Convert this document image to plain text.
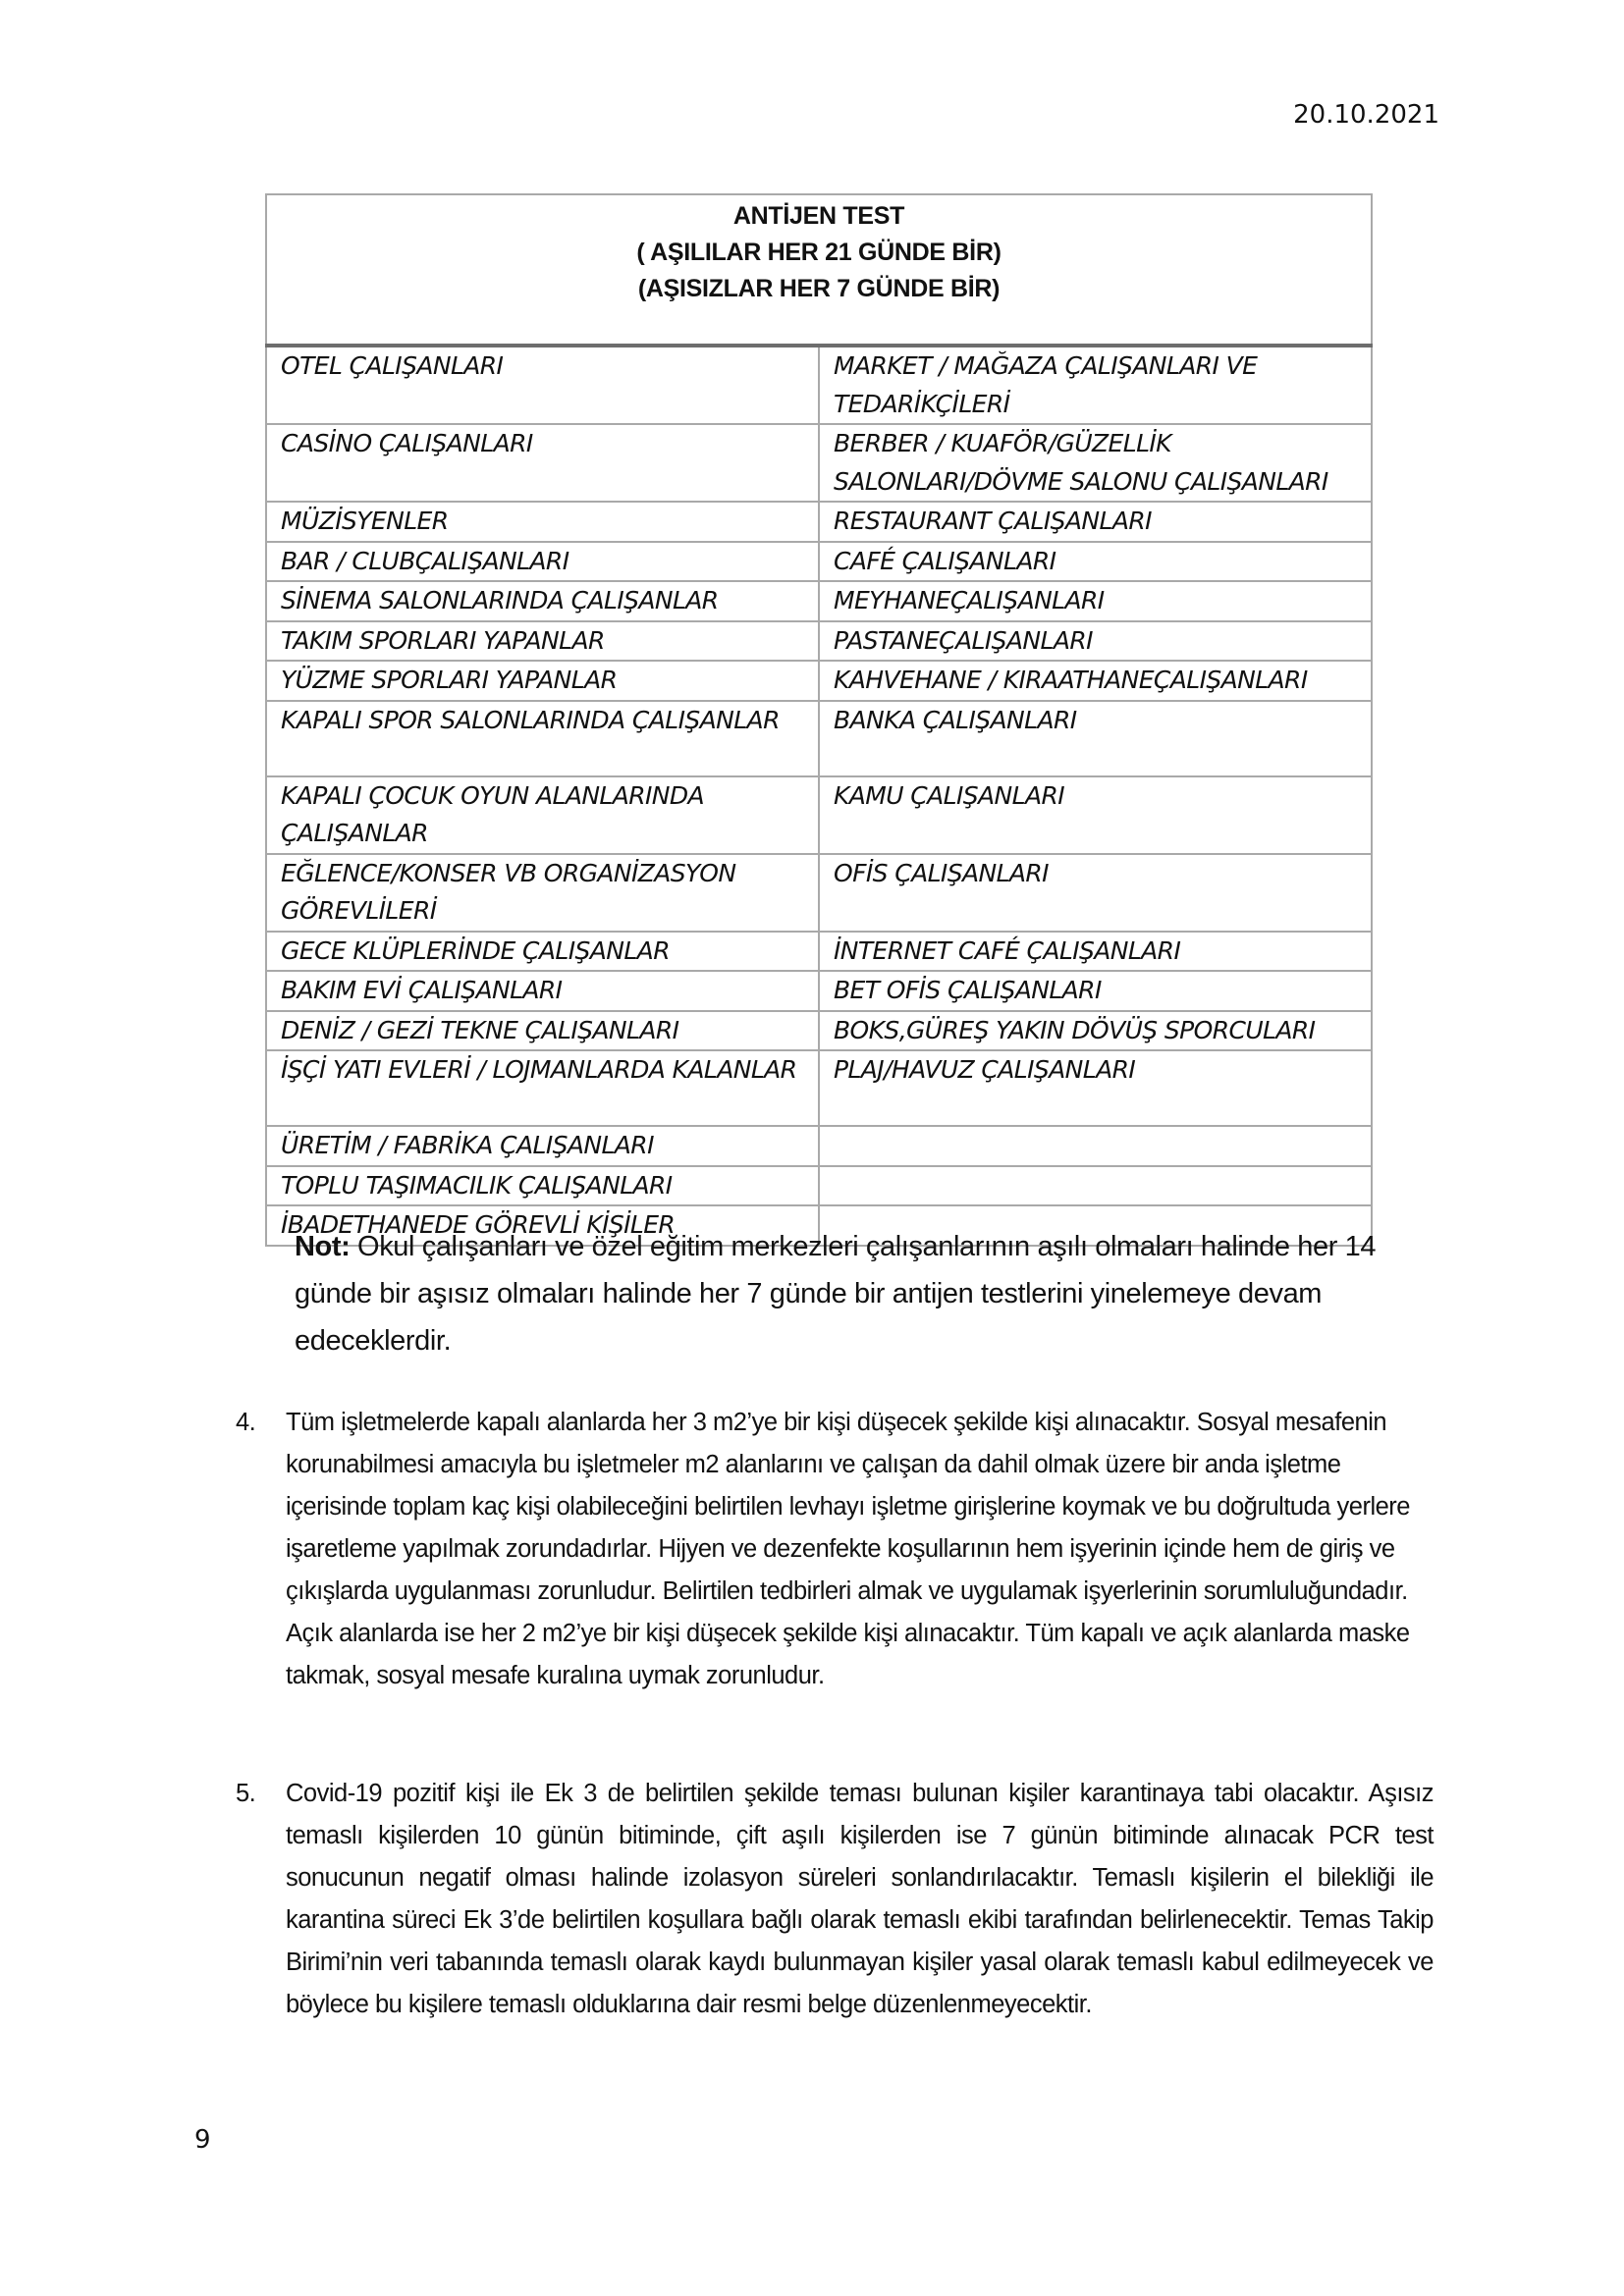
20.10.2021
ANTİJEN TEST
( AŞILILAR HER 21 GÜNDE BİR)
(AŞISIZLAR HER 7 GÜNDE BİR)	

OTEL ÇALIŞANLARI	MARKET / MAĞAZA ÇALIŞANLARI VE TEDARİKÇİLERİ
CASİNO ÇALIŞANLARI	BERBER / KUAFÖR/GÜZELLİK SALONLARI/DÖVME SALONU ÇALIŞANLARI
MÜZİSYENLER	RESTAURANT ÇALIŞANLARI
BAR / CLUBÇALIŞANLARI	CAFÉ ÇALIŞANLARI
SİNEMA SALONLARINDA ÇALIŞANLAR	MEYHANEÇALIŞANLARI
TAKIM SPORLARI YAPANLAR	PASTANEÇALIŞANLARI
YÜZME SPORLARI YAPANLAR	KAHVEHANE / KIRAATHANEÇALIŞANLARI
KAPALI SPOR SALONLARINDA ÇALIŞANLAR	BANKA ÇALIŞANLARI
KAPALI ÇOCUK OYUN ALANLARINDA ÇALIŞANLAR	KAMU ÇALIŞANLARI
EĞLENCE/KONSER VB ORGANİZASYON GÖREVLİLERİ	OFİS ÇALIŞANLARI
GECE KLÜPLERİNDE ÇALIŞANLAR	İNTERNET CAFÉ ÇALIŞANLARI
BAKIM EVİ ÇALIŞANLARI	BET OFİS ÇALIŞANLARI
DENİZ / GEZİ TEKNE ÇALIŞANLARI	BOKS,GÜREŞ YAKIN DÖVÜŞ SPORCULARI
İŞÇİ YATI EVLERİ / LOJMANLARDA KALANLAR	PLAJ/HAVUZ ÇALIŞANLARI
ÜRETİM / FABRİKA ÇALIŞANLARI	
TOPLU TAŞIMACILIK ÇALIŞANLARI	
İBADETHANEDE GÖREVLİ KİŞİLER	
Not: Okul çalışanları ve özel eğitim merkezleri çalışanlarının aşılı olmaları halinde her 14 günde bir aşısız olmaları halinde her 7 günde bir antijen testlerini yinelemeye devam edeceklerdir.
4.	Tüm işletmelerde kapalı alanlarda her 3 m2’ye bir kişi düşecek şekilde kişi alınacaktır. Sosyal mesafenin korunabilmesi amacıyla bu işletmeler m2 alanlarını ve çalışan da dahil olmak üzere bir anda işletme içerisinde toplam kaç kişi olabileceğini belirtilen levhayı işletme girişlerine koymak ve bu doğrultuda yerlere işaretleme yapılmak zorundadırlar. Hijyen ve dezenfekte koşullarının hem işyerinin içinde hem de giriş ve çıkışlarda uygulanması zorunludur. Belirtilen tedbirleri almak ve uygulamak işyerlerinin sorumluluğundadır. Açık alanlarda ise her 2 m2’ye bir kişi düşecek şekilde kişi alınacaktır. Tüm kapalı ve açık alanlarda maske takmak, sosyal mesafe kuralına uymak zorunludur.
5.	Covid-19 pozitif kişi ile Ek 3 de belirtilen şekilde teması bulunan kişiler karantinaya tabi olacaktır. Aşısız temaslı kişilerden 10 günün bitiminde, çift aşılı kişilerden ise 7 günün bitiminde alınacak PCR test sonucunun negatif olması halinde izolasyon süreleri sonlandırılacaktır. Temaslı kişilerin el bilekliği ile karantina süreci Ek 3’de belirtilen koşullara bağlı olarak temaslı ekibi tarafından belirlenecektir. Temas Takip Birimi’nin veri tabanında temaslı olarak kaydı bulunmayan kişiler yasal olarak temaslı kabul edilmeyecek ve böylece bu kişilere temaslı olduklarına dair resmi belge düzenlenmeyecektir.
9
